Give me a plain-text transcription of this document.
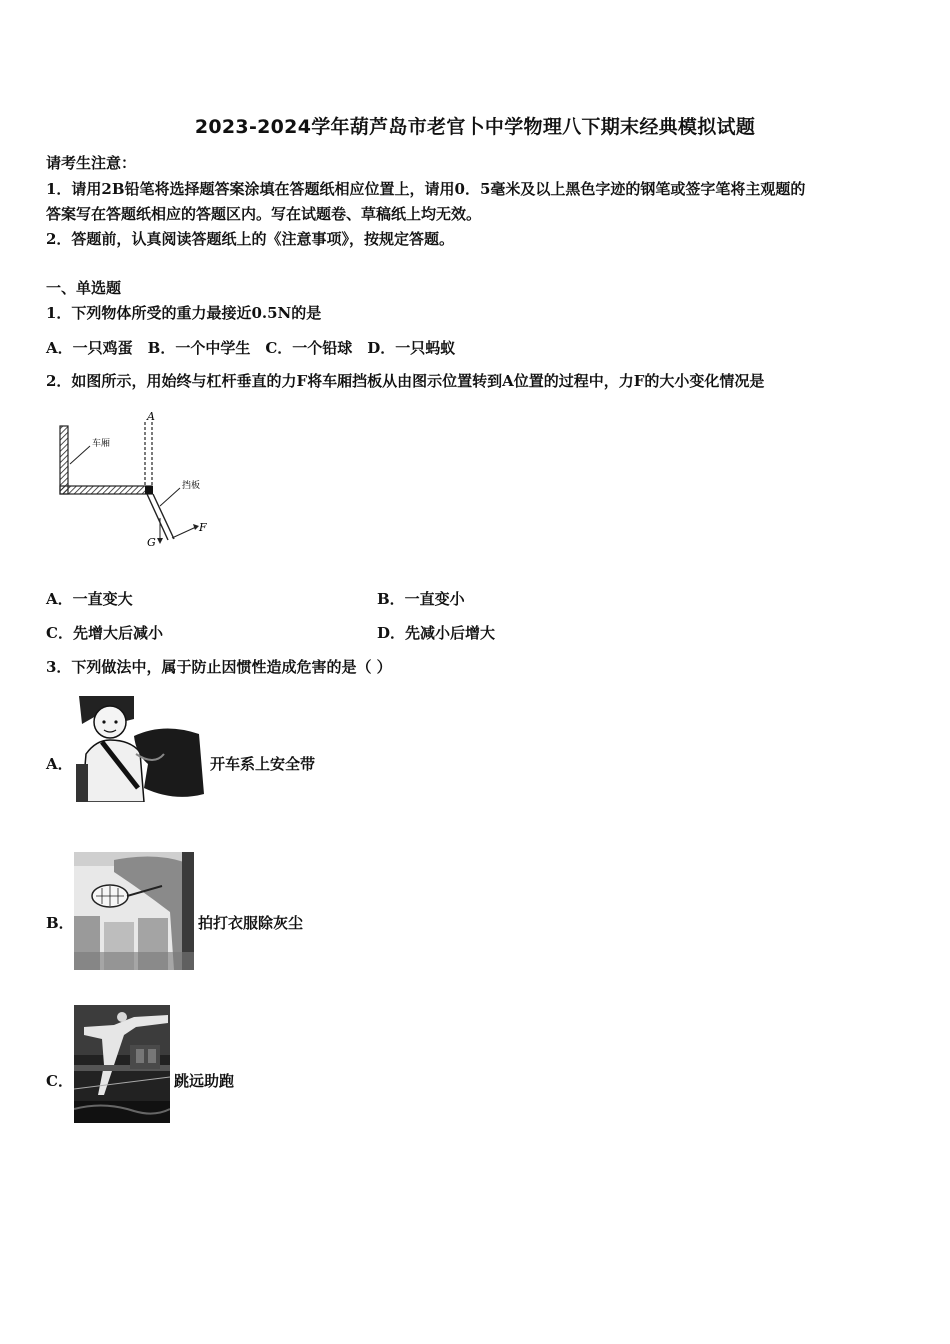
2023-2024学年葫芦岛市老官卜中学物理八下期末经典模拟试题
请考生注意：
1．请用2B铅笔将选择题答案涂填在答题纸相应位置上，请用0．5毫米及以上黑色字迹的钢笔或签字笔将主观题的
答案写在答题纸相应的答题区内。写在试题卷、草稿纸上均无效。
2．答题前，认真阅读答题纸上的《注意事项》，按规定答题。
一、单选题
1．下列物体所受的重力最接近0.5N的是
A．一只鸡蛋　B．一个中学生　C．一个铅球　D．一只蚂蚁
2．如图所示，用始终与杠杆垂直的力F将车厢挡板从由图示位置转到A位置的过程中，力F的大小变化情况是
A
车厢
挡板
G
F
A．一直变大	B．一直变小
C．先增大后减小	D．先减小后增大
3．下列做法中，属于防止因惯性造成危害的是（ ）
A．	开车系上安全带
B．	拍打衣服除灰尘
C．	跳远助跑
